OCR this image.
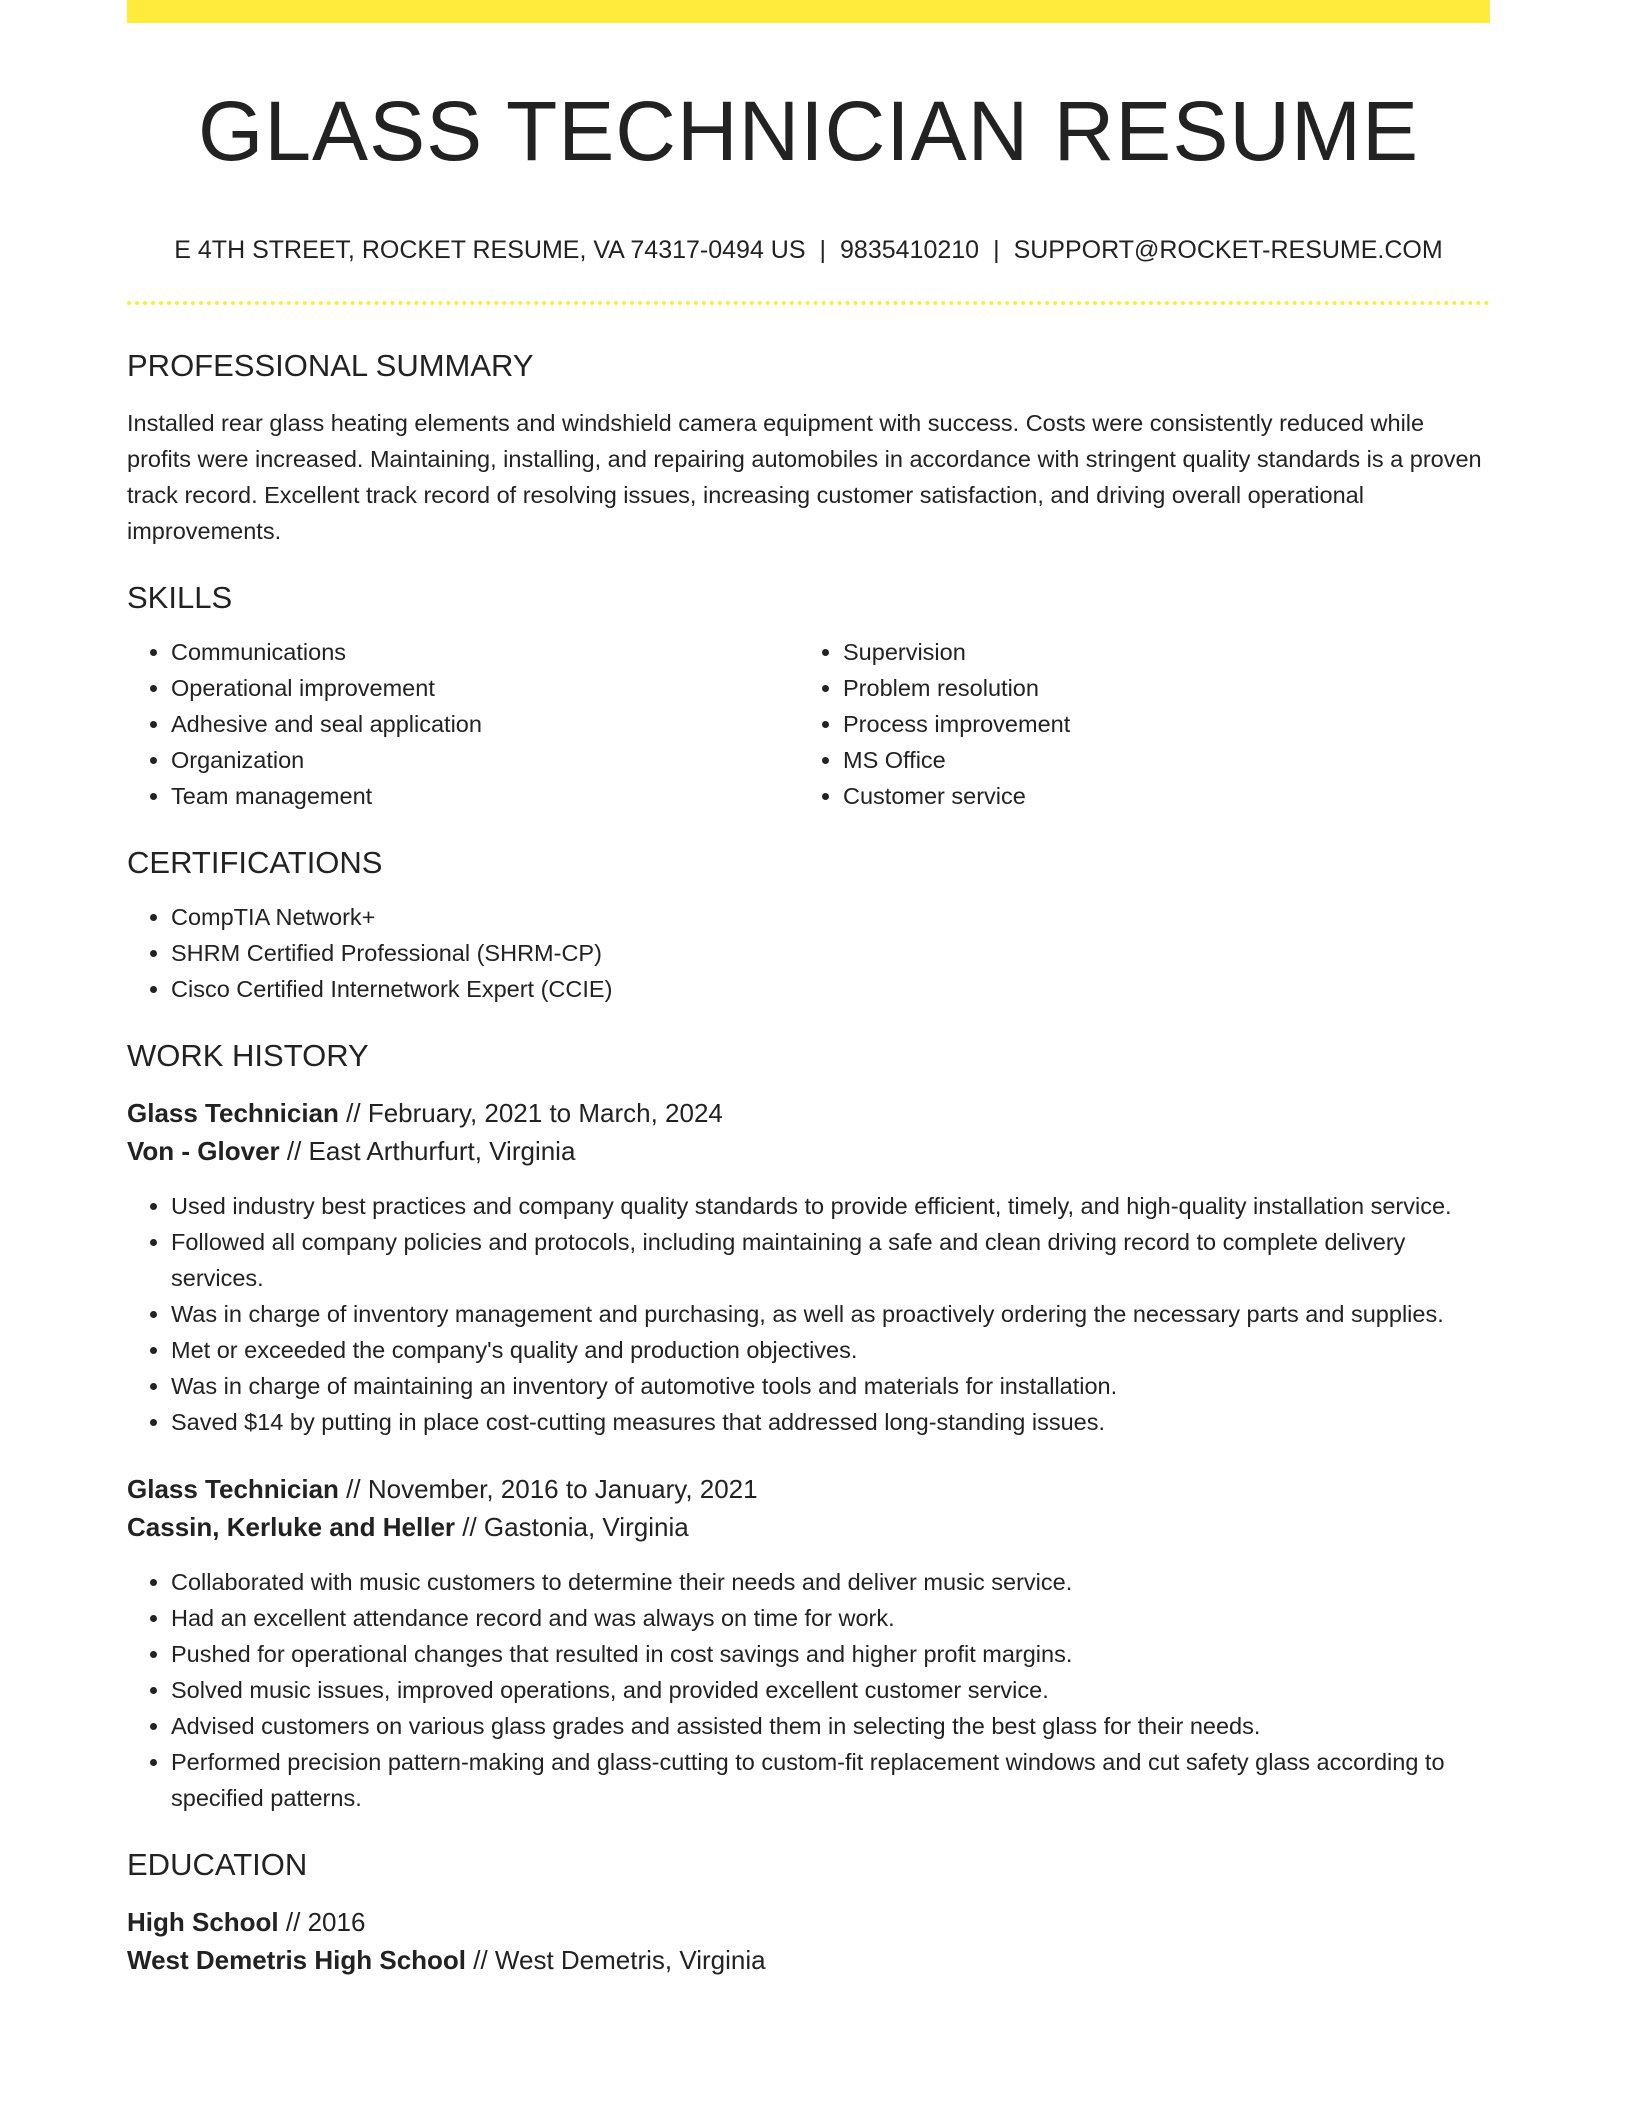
GLASS TECHNICIAN RESUME
E 4TH STREET, ROCKET RESUME, VA 74317-0494 US | 9835410210 | SUPPORT@ROCKET-RESUME.COM
PROFESSIONAL SUMMARY

Installed rear glass heating elements and windshield camera equipment with success. Costs were consistently reduced while profits were increased. Maintaining, installing, and repairing automobiles in accordance with stringent quality standards is a proven track record. Excellent track record of resolving issues, increasing customer satisfaction, and driving overall operational improvements.

SKILLS
• Communications
• Operational improvement
• Adhesive and seal application
• Organization
• Team management
• Supervision
• Problem resolution
• Process improvement
• MS Office
• Customer service
CERTIFICATIONS
• CompTIA Network+
• SHRM Certified Professional (SHRM-CP)
• Cisco Certified Internetwork Expert (CCIE)
WORK HISTORY
Glass Technician // February, 2021 to March, 2024
Von - Glover // East Arthurfurt, Virginia
• Used industry best practices and company quality standards to provide efficient, timely, and high-quality installation service.
• Followed all company policies and protocols, including maintaining a safe and clean driving record to complete delivery services.
• Was in charge of inventory management and purchasing, as well as proactively ordering the necessary parts and supplies.
• Met or exceeded the company's quality and production objectives.
• Was in charge of maintaining an inventory of automotive tools and materials for installation.
• Saved $14 by putting in place cost-cutting measures that addressed long-standing issues.
Glass Technician // November, 2016 to January, 2021
Cassin, Kerluke and Heller // Gastonia, Virginia
• Collaborated with music customers to determine their needs and deliver music service.
• Had an excellent attendance record and was always on time for work.
• Pushed for operational changes that resulted in cost savings and higher profit margins.
• Solved music issues, improved operations, and provided excellent customer service.
• Advised customers on various glass grades and assisted them in selecting the best glass for their needs.
• Performed precision pattern-making and glass-cutting to custom-fit replacement windows and cut safety glass according to specified patterns.
EDUCATION
High School // 2016
West Demetris High School // West Demetris, Virginia
